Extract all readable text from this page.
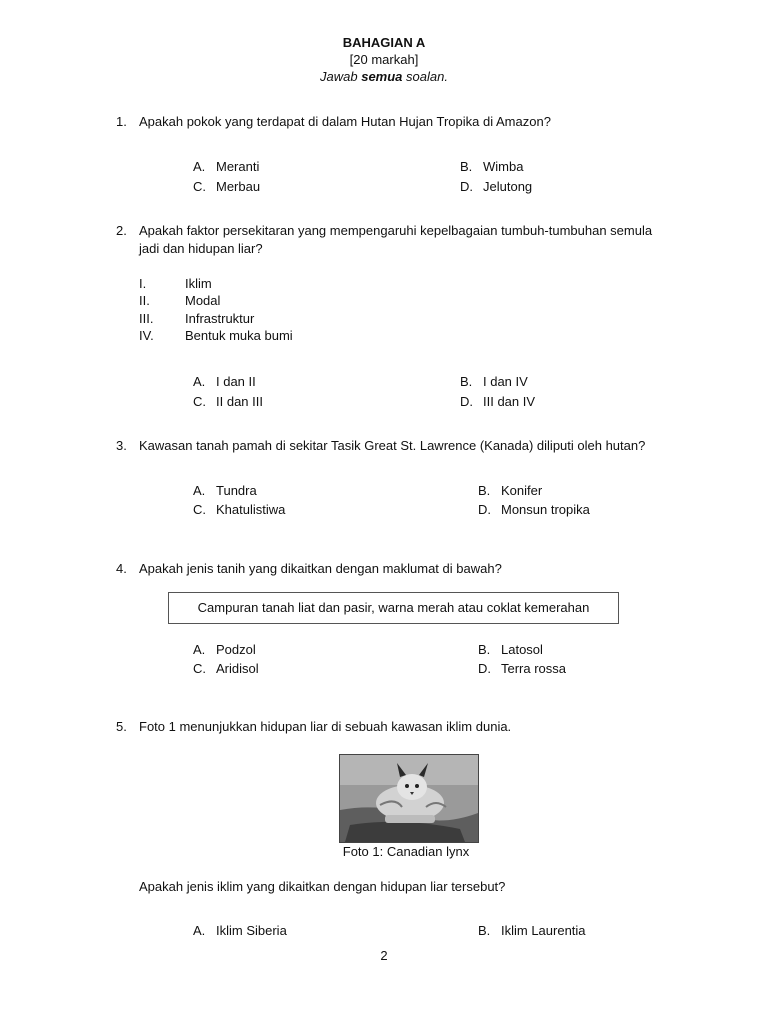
BAHAGIAN A
[20 markah]
Jawab semua soalan.
1. Apakah pokok yang terdapat di dalam Hutan Hujan Tropika di Amazon?
A. Meranti	B. Wimba
C. Merbau	D. Jelutong
2. Apakah faktor persekitaran yang mempengaruhi kepelbagaian tumbuh-tumbuhan semula
jadi dan hidupan liar?
I.	Iklim
II.	Modal
III. Infrastruktur
IV. Bentuk muka bumi
A. I dan II	B. I dan IV
C. II dan III	D. III dan IV
3. Kawasan tanah pamah di sekitar Tasik Great St. Lawrence (Kanada) diliputi oleh hutan?
A. Tundra	B. Konifer
C. Khatulistiwa	D. Monsun tropika
4. Apakah jenis tanih yang dikaitkan dengan maklumat di bawah?
Campuran tanah liat dan pasir, warna merah atau coklat kemerahan
A. Podzol	B. Latosol
C. Aridisol	D. Terra rossa
5. Foto 1 menunjukkan hidupan liar di sebuah kawasan iklim dunia.
Foto 1: Canadian lynx
Apakah jenis iklim yang dikaitkan dengan hidupan liar tersebut?
A. Iklim Siberia	B. Iklim Laurentia
2
